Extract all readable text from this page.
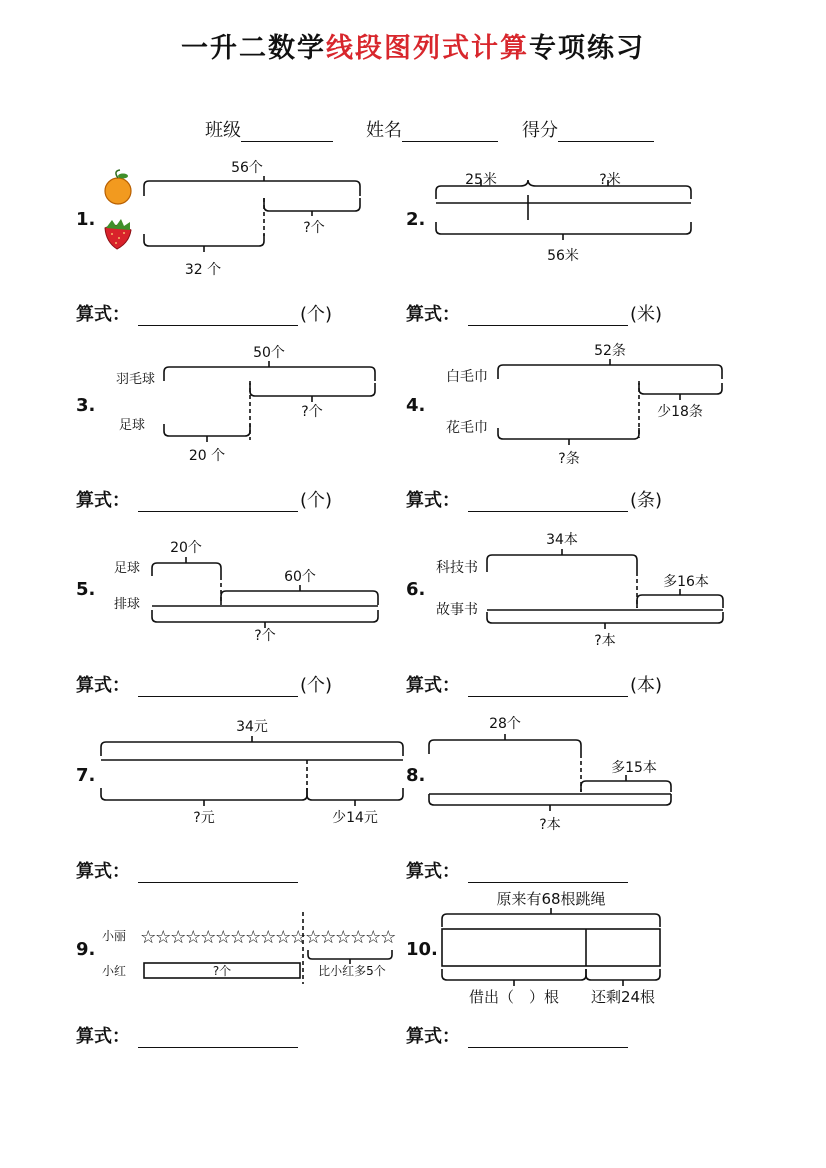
一升二数学线段图列式计算专项练习
班级	姓名	得分
1.	2.
3.	4.
5.	6.
7.	8.
9.	10.
算式：	(个)	算式：	(米)
算式：	(个)	算式：	(条)
算式：	(个)	算式：	(本)
算式：	算式：
算式：	算式：
56个
?个
32 个
25米	?米
56米
羽毛球
50个
?个
足球
20 个
白毛巾
52条
少18条
花毛巾
?条
足球
20个
排球
60个
?个
科技书
34本
故事书
多16本
?本
34元
?元	少14元
28个
多15本
?本
小丽 ☆☆☆☆☆☆☆☆☆☆☆☆☆☆☆☆☆
小红	?个	比小红多5个
原来有68根跳绳
借出（　）根 还剩24根
